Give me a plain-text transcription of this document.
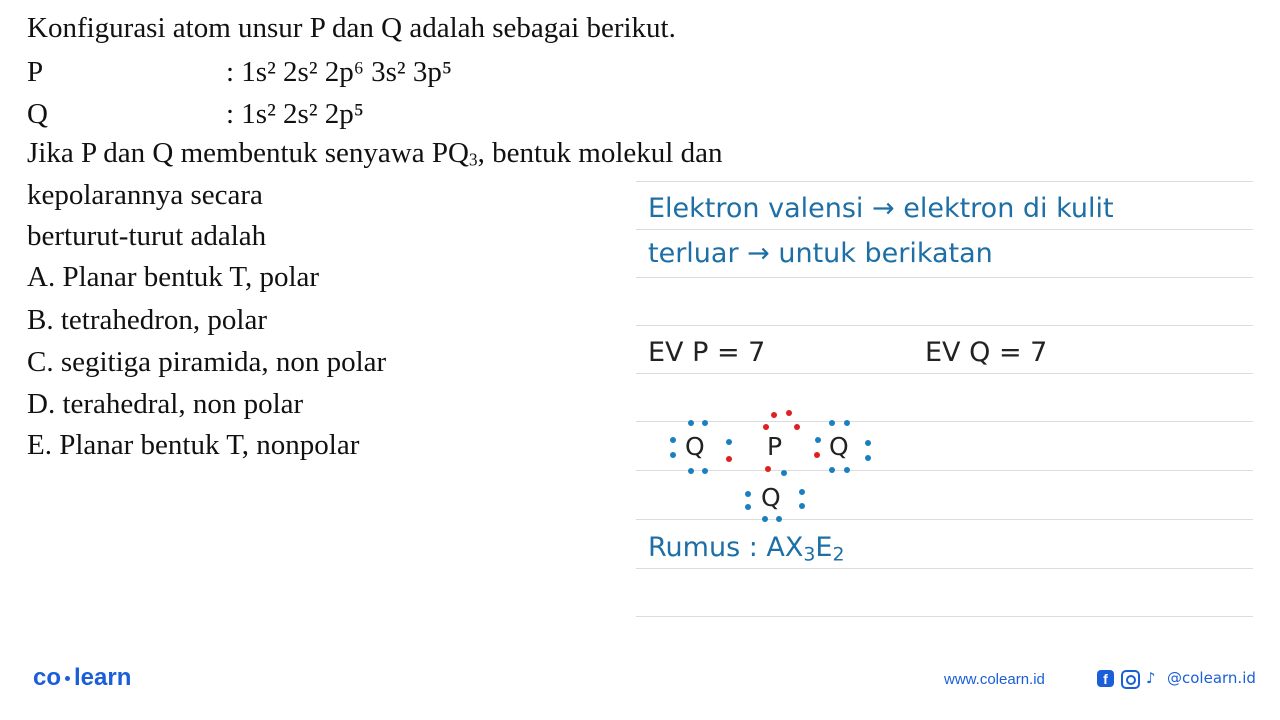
Konfigurasi atom unsur P dan Q adalah sebagai berikut.
P	: 1s² 2s² 2p⁶ 3s² 3p⁵
Q	: 1s² 2s² 2p⁵
Jika P dan Q membentuk senyawa $PQ_3$, bentuk molekul dan
kepolarannya secara
berturut-turut adalah
A. Planar bentuk T, polar
B. tetrahedron, polar
C. segitiga piramida, non polar
D. terahedral, non polar
E. Planar bentuk T, nonpolar
Elektron valensi → elektron di kulit
terluar → untuk berikatan
EV P = 7	EV Q = 7
Rumus : $AX_3E_2$
Q P Q
Q
co learn	www.colearn.id	f	♪ @colearn.id
